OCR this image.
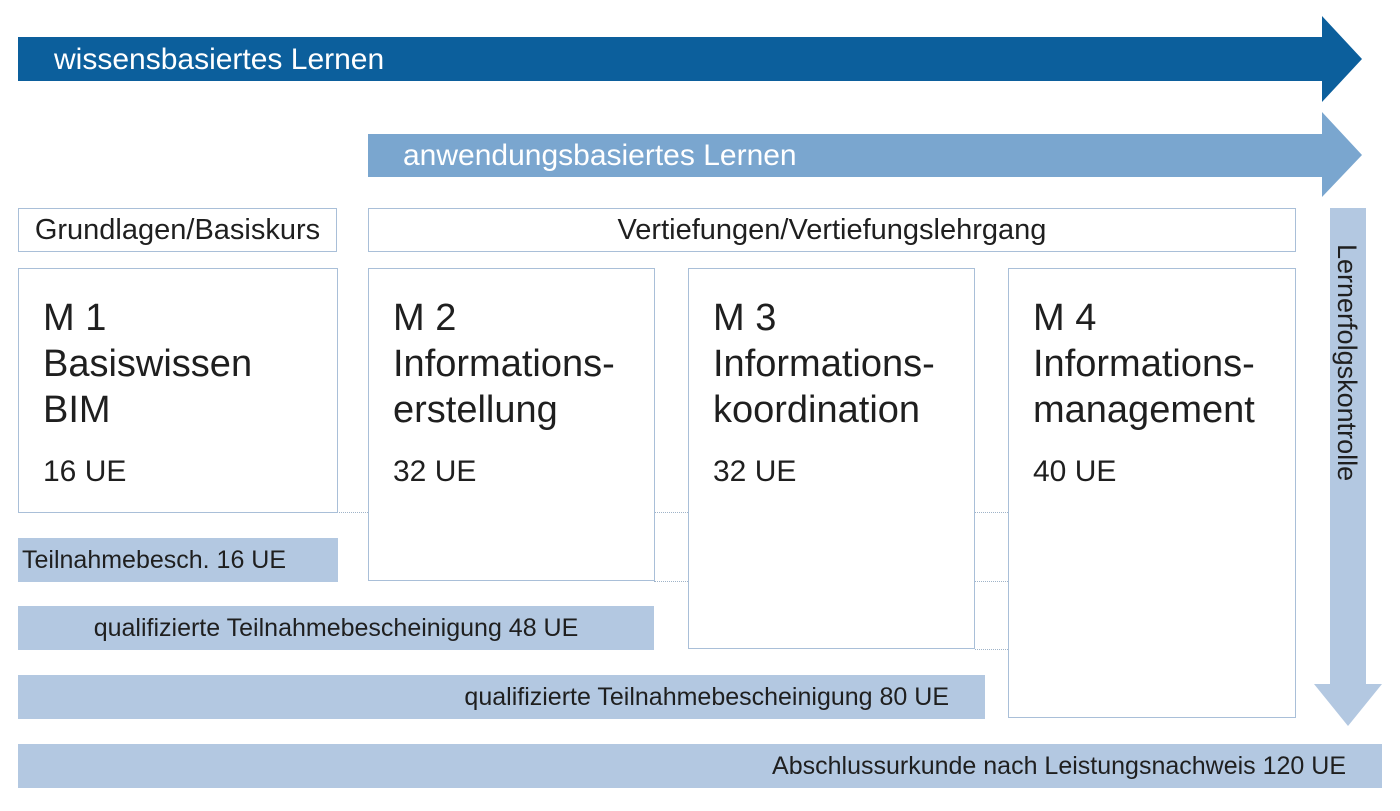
wissensbasiertes Lernen
anwendungsbasiertes Lernen
Grundlagen/Basiskurs	Vertiefungen/Vertiefungslehrgang
M 1
Basiswissen
BIM
16 UE
M 2
Informations-
erstellung
32 UE
M 3
Informations-
koordination
32 UE
M 4
Informations-
management
40 UE
Teilnahmebesch. 16 UE
qualifizierte Teilnahmebescheinigung 48 UE
qualifizierte Teilnahmebescheinigung 80 UE
Abschlussurkunde nach Leistungsnachweis 120 UE
Lernerfolgskontrolle
